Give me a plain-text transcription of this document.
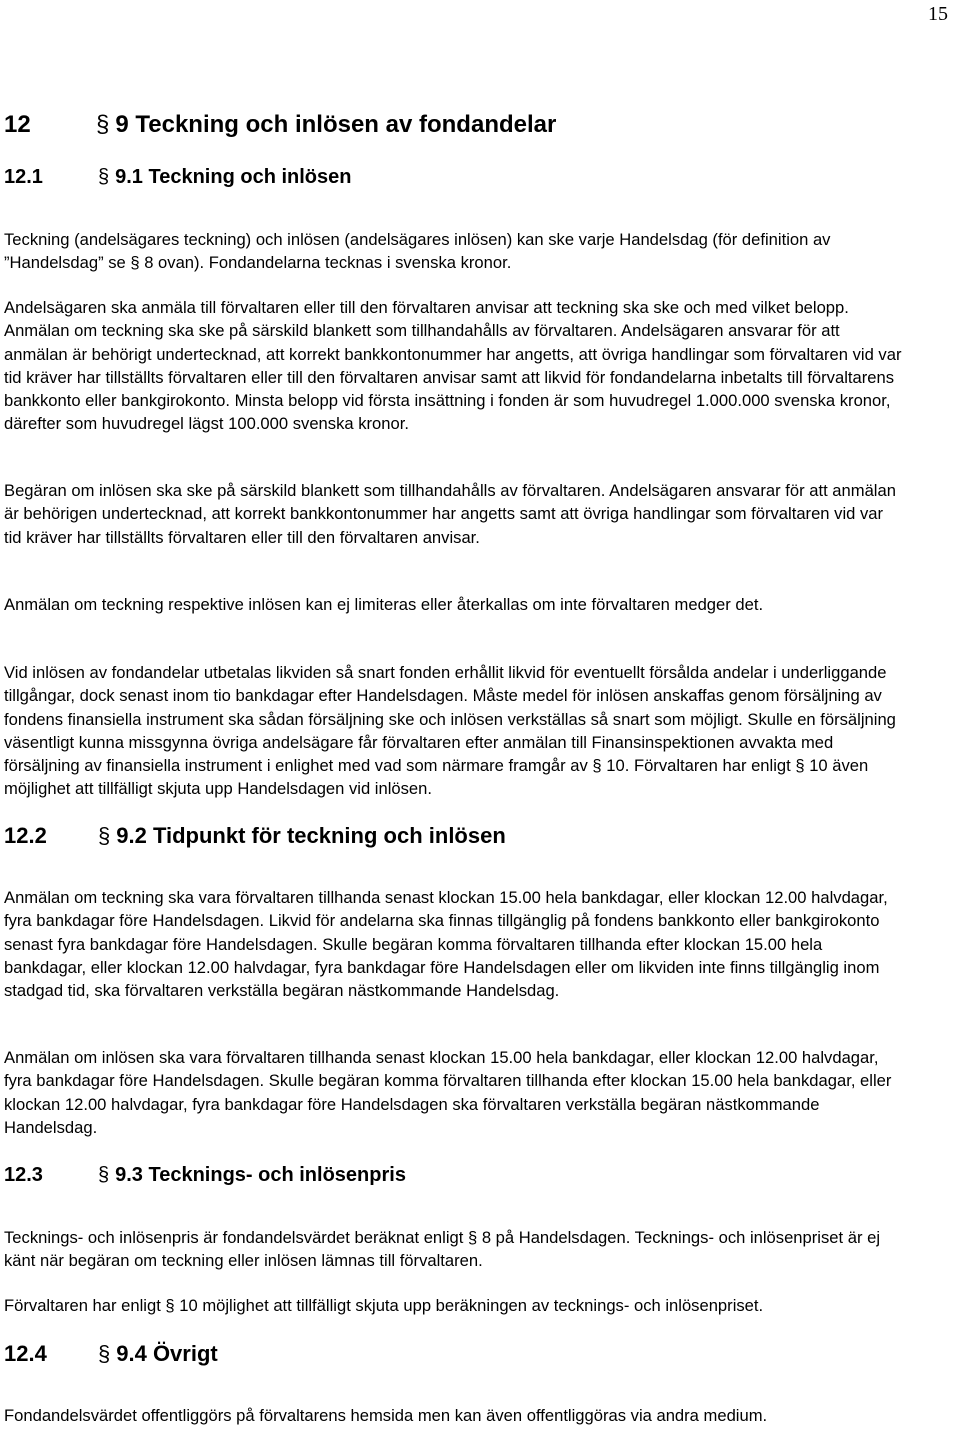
15
12	§ 9 Teckning och inlösen av fondandelar
12.1	§ 9.1 Teckning och inlösen

Teckning (andelsägares teckning) och inlösen (andelsägares inlösen) kan ske varje Handelsdag (för definition av ”Handelsdag” se § 8 ovan). Fondandelarna tecknas i svenska kronor.

Andelsägaren ska anmäla till förvaltaren eller till den förvaltaren anvisar att teckning ska ske och med vilket belopp. Anmälan om teckning ska ske på särskild blankett som tillhandahålls av förvaltaren. Andelsägaren ansvarar för att anmälan är behörigt undertecknad, att korrekt bankkontonummer har angetts, att övriga handlingar som förvaltaren vid var tid kräver har tillställts förvaltaren eller till den förvaltaren anvisar samt att likvid för fondandelarna inbetalts till förvaltarens bankkonto eller bankgirokonto. Minsta belopp vid första insättning i fonden är som huvudregel 1.000.000 svenska kronor, därefter som huvudregel lägst 100.000 svenska kronor.

Begäran om inlösen ska ske på särskild blankett som tillhandahålls av förvaltaren. Andelsägaren ansvarar för att anmälan är behörigen undertecknad, att korrekt bankkontonummer har angetts samt att övriga handlingar som förvaltaren vid var tid kräver har tillställts förvaltaren eller till den förvaltaren anvisar.

Anmälan om teckning respektive inlösen kan ej limiteras eller återkallas om inte förvaltaren medger det.

Vid inlösen av fondandelar utbetalas likviden så snart fonden erhållit likvid för eventuellt försålda andelar i underliggande tillgångar, dock senast inom tio bankdagar efter Handelsdagen. Måste medel för inlösen anskaffas genom försäljning av fondens finansiella instrument ska sådan försäljning ske och inlösen verkställas så snart som möjligt. Skulle en försäljning väsentligt kunna missgynna övriga andelsägare får förvaltaren efter anmälan till Finansinspektionen avvakta med försäljning av finansiella instrument i enlighet med vad som närmare framgår av § 10. Förvaltaren har enligt § 10 även möjlighet att tillfälligt skjuta upp Handelsdagen vid inlösen.

12.2 § 9.2 Tidpunkt för teckning och inlösen

Anmälan om teckning ska vara förvaltaren tillhanda senast klockan 15.00 hela bankdagar, eller klockan 12.00 halvdagar, fyra bankdagar före Handelsdagen. Likvid för andelarna ska finnas tillgänglig på fondens bankkonto eller bankgirokonto senast fyra bankdagar före Handelsdagen. Skulle begäran komma förvaltaren tillhanda efter klockan 15.00 hela bankdagar, eller klockan 12.00 halvdagar, fyra bankdagar före Handelsdagen eller om likviden inte finns tillgänglig inom stadgad tid, ska förvaltaren verkställa begäran nästkommande Handelsdag.

Anmälan om inlösen ska vara förvaltaren tillhanda senast klockan 15.00 hela bankdagar, eller klockan 12.00 halvdagar, fyra bankdagar före Handelsdagen. Skulle begäran komma förvaltaren tillhanda efter klockan 15.00 hela bankdagar, eller klockan 12.00 halvdagar, fyra bankdagar före Handelsdagen ska förvaltaren verkställa begäran nästkommande Handelsdag.

12.3	§ 9.3 Tecknings- och inlösenpris

Tecknings- och inlösenpris är fondandelsvärdet beräknat enligt § 8 på Handelsdagen. Tecknings- och inlösenpriset är ej känt när begäran om teckning eller inlösen lämnas till förvaltaren.

Förvaltaren har enligt § 10 möjlighet att tillfälligt skjuta upp beräkningen av tecknings- och inlösenpriset.

12.4 § 9.4 Övrigt

Fondandelsvärdet offentliggörs på förvaltarens hemsida men kan även offentliggöras via andra medium.
